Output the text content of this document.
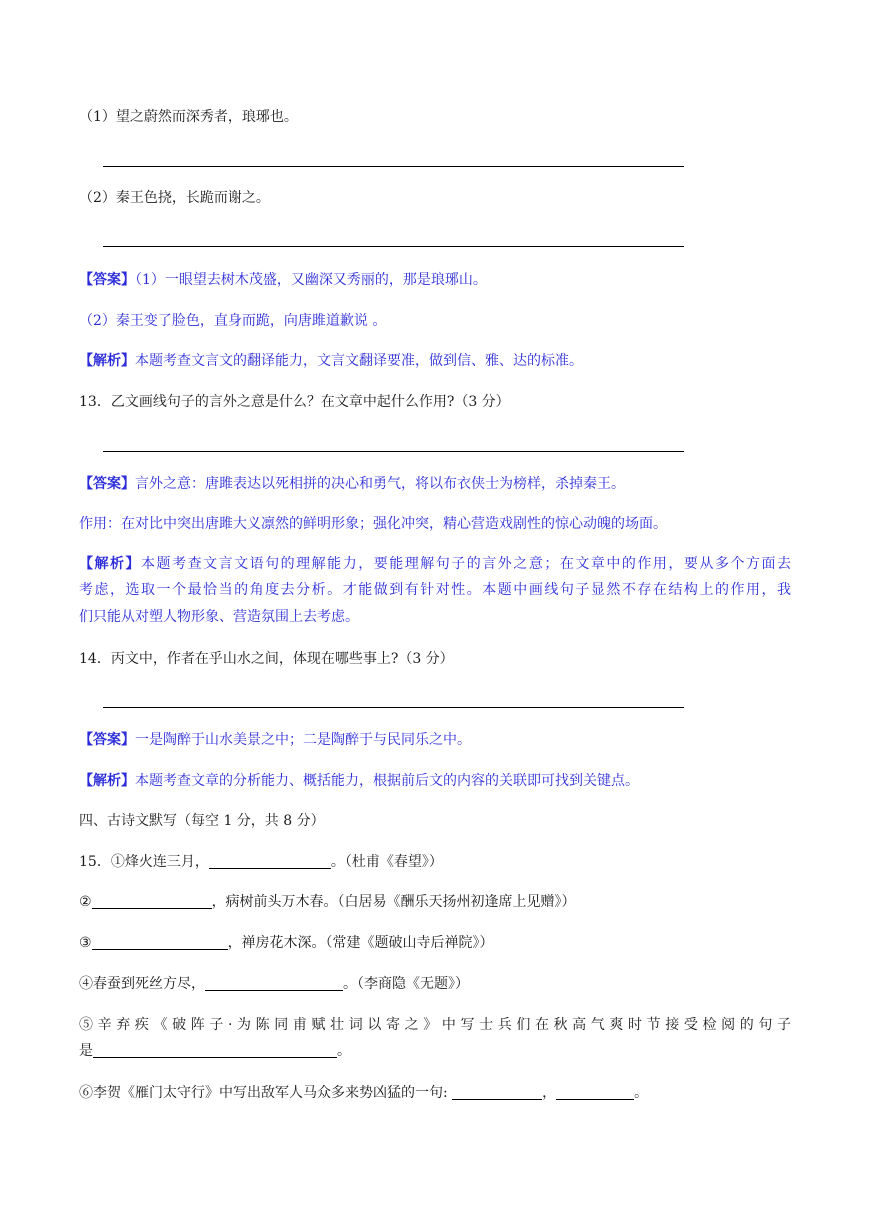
（1）望之蔚然而深秀者，琅琊也。
（2）秦王色挠，长跪而谢之。
【答案】（1）一眼望去树木茂盛，又幽深又秀丽的，那是琅琊山。
（2）秦王变了脸色，直身而跪，向唐雎道歉说 。
【解析】本题考查文言文的翻译能力，文言文翻译要准，做到信、雅、达的标准。
13．乙文画线句子的言外之意是什么？在文章中起什么作用?（3 分）
【答案】言外之意：唐雎表达以死相拼的决心和勇气，将以布衣侠士为榜样，杀掉秦王。
作用：在对比中突出唐雎大义凛然的鲜明形象；强化冲突，精心营造戏剧性的惊心动魄的场面。
【解析】本题考查文言文语句的理解能力，要能理解句子的言外之意；在文章中的作用，要从多个方面去
考虑，选取一个最恰当的角度去分析。才能做到有针对性。本题中画线句子显然不存在结构上的作用，我
们只能从对塑人物形象、营造氛围上去考虑。
14．丙文中，作者在乎山水之间，体现在哪些事上?（3 分）
【答案】一是陶醉于山水美景之中；二是陶醉于与民同乐之中。
【解析】本题考查文章的分析能力、概括能力，根据前后文的内容的关联即可找到关键点。
四、古诗文默写（每空 1 分，共 8 分）
15．①烽火连三月，	。（杜甫《春望》）
②	，病树前头万木春。（白居易《酬乐天扬州初逢席上见赠》）
③	，禅房花木深。（常建《题破山寺后禅院》）
④春蚕到死丝方尽，	。（李商隐《无题》）
⑤辛弃疾《破阵子·为陈同甫赋壮词以寄之》中写士兵们在秋高气爽时节接受检阅的句子
是	。
⑥李贺《雁门太守行》中写出敌军人马众多来势凶猛的一句:	，	。
